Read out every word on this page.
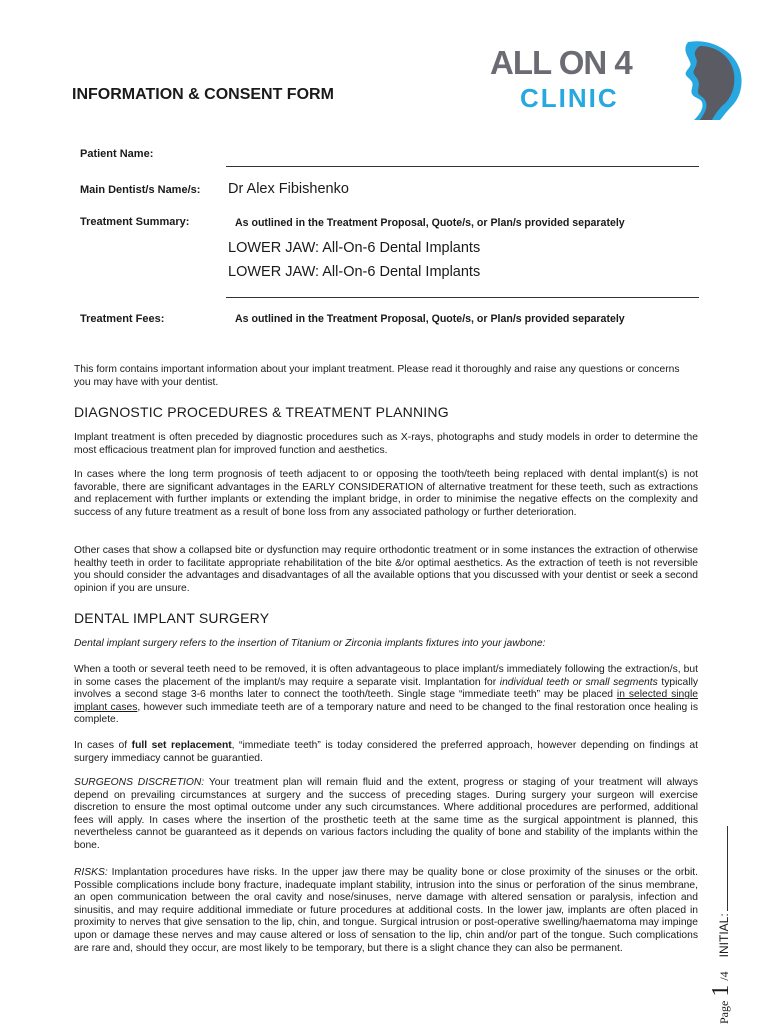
ALL ON 4
CLINIC
INFORMATION & CONSENT FORM
Patient Name:
Main Dentist/s Name/s: Dr Alex Fibishenko
Treatment Summary:	As outlined in the Treatment Proposal, Quote/s, or Plan/s provided separately
LOWER JAW: All-On-6 Dental Implants
LOWER JAW: All-On-6 Dental Implants
Treatment Fees:	As outlined in the Treatment Proposal, Quote/s, or Plan/s provided separately

This form contains important information about your implant treatment. Please read it thoroughly and raise any questions or concerns you may have with your dentist.

DIAGNOSTIC PROCEDURES & TREATMENT PLANNING

Implant treatment is often preceded by diagnostic procedures such as X-rays, photographs and study models in order to determine the most efficacious treatment plan for improved function and aesthetics.

In cases where the long term prognosis of teeth adjacent to or opposing the tooth/teeth being replaced with dental implant(s) is not favorable, there are significant advantages in the EARLY CONSIDERATION of alternative treatment for these teeth, such as extractions and replacement with further implants or extending the implant bridge, in order to minimise the negative effects on the complexity and success of any future treatment as a result of bone loss from any associated pathology or further deterioration.

Other cases that show a collapsed bite or dysfunction may require orthodontic treatment or in some instances the extraction of otherwise healthy teeth in order to facilitate appropriate rehabilitation of the bite &/or optimal aesthetics. As the extraction of teeth is not reversible you should consider the advantages and disadvantages of all the available options that you discussed with your dentist or seek a second opinion if you are unsure.

DENTAL IMPLANT SURGERY

Dental implant surgery refers to the insertion of Titanium or Zirconia implants fixtures into your jawbone:

When a tooth or several teeth need to be removed, it is often advantageous to place implant/s immediately following the extraction/s, but in some cases the placement of the implant/s may require a separate visit. Implantation for individual teeth or small segments typically involves a second stage 3-6 months later to connect the tooth/teeth. Single stage “immediate teeth” may be placed in selected single implant cases, however such immediate teeth are of a temporary nature and need to be changed to the final restoration once healing is complete.

In cases of full set replacement, “immediate teeth” is today considered the preferred approach, however depending on findings at surgery immediacy cannot be guarantied.

SURGEONS DISCRETION: Your treatment plan will remain fluid and the extent, progress or staging of your treatment will always depend on prevailing circumstances at surgery and the success of preceding stages. During surgery your surgeon will exercise discretion to ensure the most optimal outcome under any such circumstances. Where additional procedures are performed, additional fees will apply. In cases where the insertion of the prosthetic teeth at the same time as the surgical appointment is planned, this nevertheless cannot be guaranteed as it depends on various factors including the quality of bone and stability of the implants within the bone.

RISKS: Implantation procedures have risks. In the upper jaw there may be quality bone or close proximity of the sinuses or the orbit. Possible complications include bony fracture, inadequate implant stability, intrusion into the sinus or perforation of the sinus membrane, an open communication between the oral cavity and nose/sinuses, nerve damage with altered sensation or paralysis, infection and sinusitis, and may require additional immediate or future procedures at additional costs. In the lower jaw, implants are often placed in proximity to nerves that give sensation to the lip, chin, and tongue. Surgical intrusion or post-operative swelling/haematoma may impinge upon or damage these nerves and may cause altered or loss of sensation to the lip, chin and/or part of the tongue. Such complications are rare and, should they occur, are most likely to be temporary, but there is a slight chance they can also be permanent.

Page 1 /4 INITIAL:
